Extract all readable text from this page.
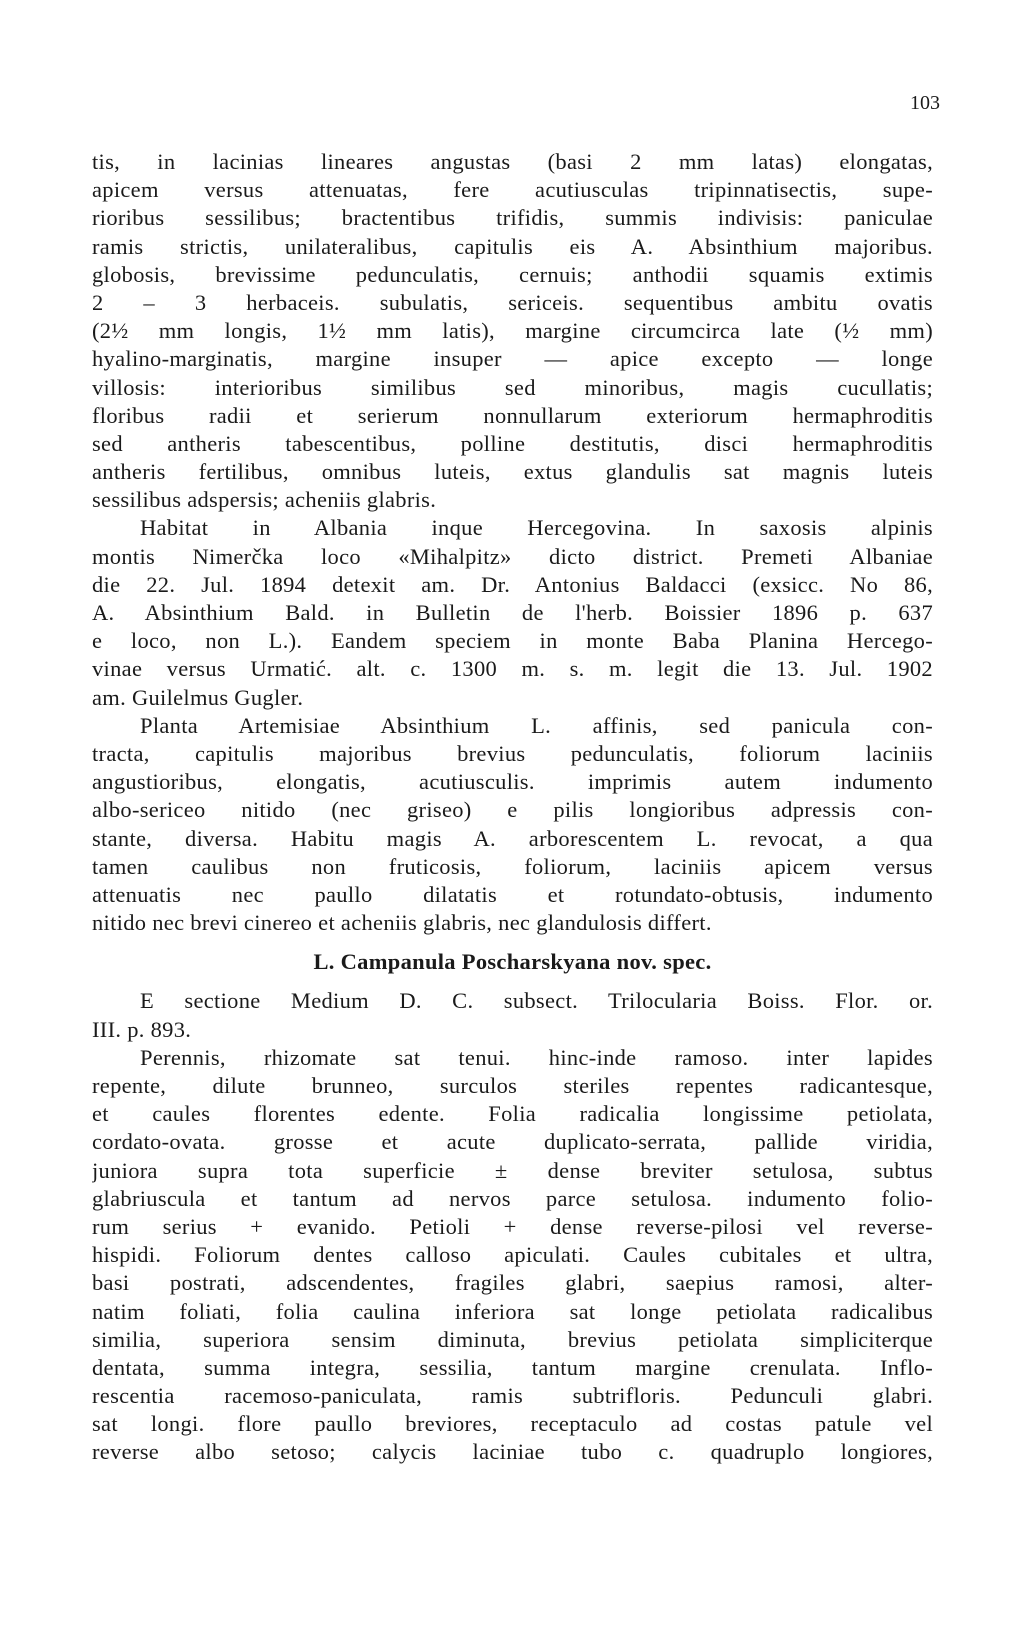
103
tis, in lacinias lineares angustas (basi 2 mm latas) elongatas,
apicem versus attenuatas, fere acutiusculas tripinnatisectis, supe-
rioribus sessilibus; bractentibus trifidis, summis indivisis: paniculae
ramis strictis, unilateralibus, capitulis eis A. Absinthium majoribus.
globosis, brevissime pedunculatis, cernuis; anthodii squamis extimis
2 – 3 herbaceis. subulatis, sericeis. sequentibus ambitu ovatis
(2½ mm longis, 1½ mm latis), margine circumcirca late (½ mm)
hyalino-marginatis, margine insuper — apice excepto — longe
villosis: interioribus similibus sed minoribus, magis cucullatis;
floribus radii et serierum nonnullarum exteriorum hermaphroditis
sed antheris tabescentibus, polline destitutis, disci hermaphroditis
antheris fertilibus, omnibus luteis, extus glandulis sat magnis luteis
sessilibus adspersis; acheniis glabris.
Habitat in Albania inque Hercegovina. In saxosis alpinis
montis Nimerčka loco «Mihalpitz» dicto district. Premeti Albaniae
die 22. Jul. 1894 detexit am. Dr. Antonius Baldacci (exsicc. No 86,
A. Absinthium Bald. in Bulletin de l'herb. Boissier 1896 p. 637
e loco, non L.). Eandem speciem in monte Baba Planina Hercego-
vinae versus Urmatić. alt. c. 1300 m. s. m. legit die 13. Jul. 1902
am. Guilelmus Gugler.
Planta Artemisiae Absinthium L. affinis, sed panicula con-
tracta, capitulis majoribus brevius pedunculatis, foliorum laciniis
angustioribus, elongatis, acutiusculis. imprimis autem indumento
albo-sericeo nitido (nec griseo) e pilis longioribus adpressis con-
stante, diversa. Habitu magis A. arborescentem L. revocat, a qua
tamen caulibus non fruticosis, foliorum, laciniis apicem versus
attenuatis nec paullo dilatatis et rotundato-obtusis, indumento
nitido nec brevi cinereo et acheniis glabris, nec glandulosis differt.
L. Campanula Poscharskyana nov. spec.
E sectione Medium D. C. subsect. Trilocularia Boiss. Flor. or.
III. p. 893.
Perennis, rhizomate sat tenui. hinc-inde ramoso. inter lapides
repente, dilute brunneo, surculos steriles repentes radicantesque,
et caules florentes edente. Folia radicalia longissime petiolata,
cordato-ovata. grosse et acute duplicato-serrata, pallide viridia,
juniora supra tota superficie ± dense breviter setulosa, subtus
glabriuscula et tantum ad nervos parce setulosa. indumento folio-
rum serius + evanido. Petioli + dense reverse-pilosi vel reverse-
hispidi. Foliorum dentes calloso apiculati. Caules cubitales et ultra,
basi postrati, adscendentes, fragiles glabri, saepius ramosi, alter-
natim foliati, folia caulina inferiora sat longe petiolata radicalibus
similia, superiora sensim diminuta, brevius petiolata simpliciterque
dentata, summa integra, sessilia, tantum margine crenulata. Inflo-
rescentia racemoso-paniculata, ramis subtrifloris. Pedunculi glabri.
sat longi. flore paullo breviores, receptaculo ad costas patule vel
reverse albo setoso; calycis laciniae tubo c. quadruplo longiores,
